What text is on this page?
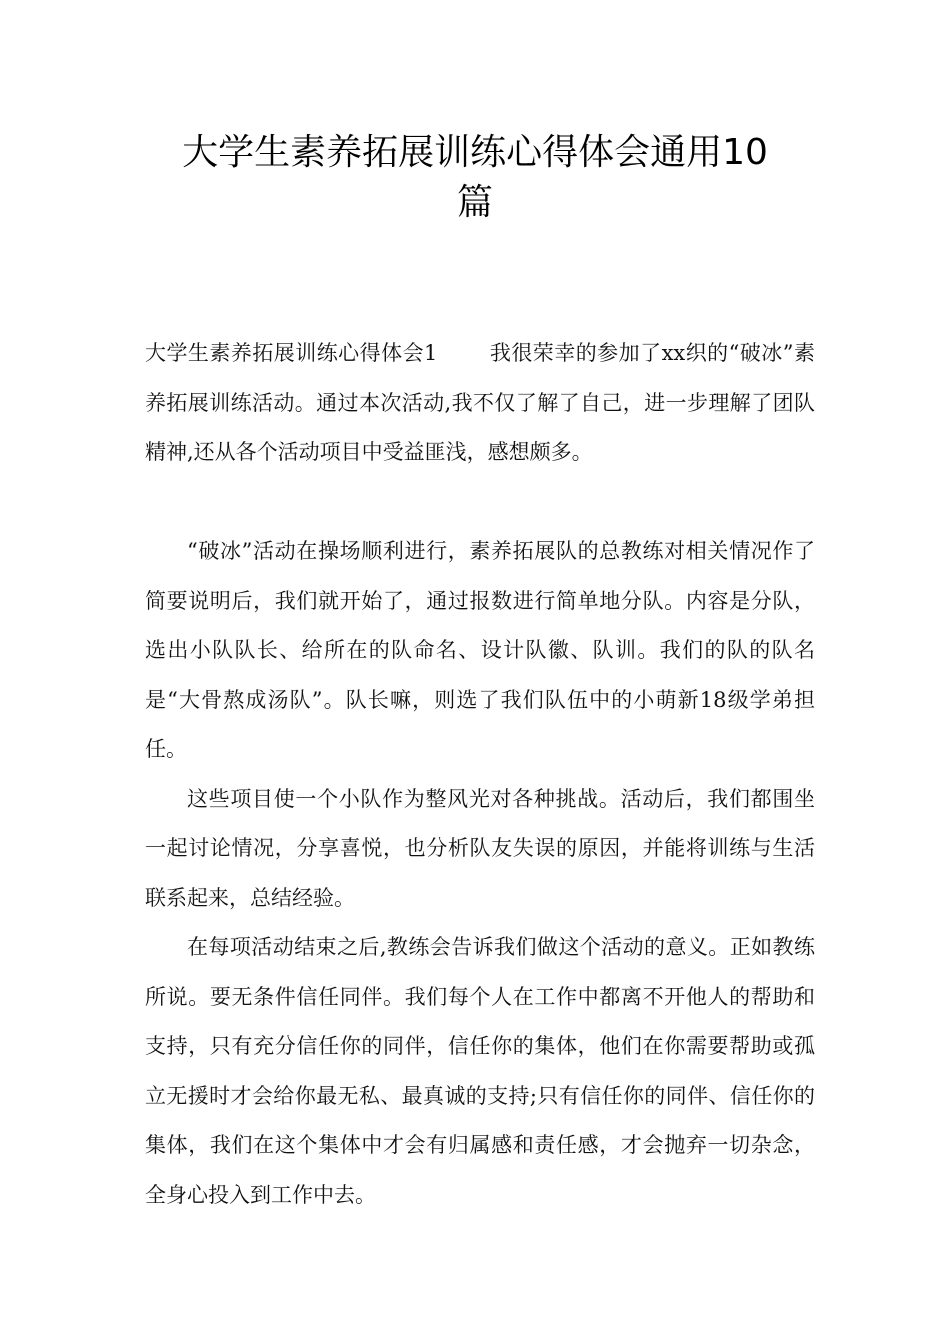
大学生素养拓展训练心得体会通用10
篇

大学生素养拓展训练心得体会1 我很荣幸的参加了xx织的“破冰”素养拓展训练活动。通过本次活动,我不仅了解了自己，进一步理解了团队精神,还从各个活动项目中受益匪浅，感想颇多。

“破冰”活动在操场顺利进行，素养拓展队的总教练对相关情况作了简要说明后，我们就开始了，通过报数进行简单地分队。内容是分队，选出小队队长、给所在的队命名、设计队徽、队训。我们的队的队名是“大骨熬成汤队”。队长嘛，则选了我们队伍中的小萌新18级学弟担任。

这些项目使一个小队作为整风光对各种挑战。活动后，我们都围坐一起讨论情况，分享喜悦，也分析队友失误的原因，并能将训练与生活联系起来，总结经验。

在每项活动结束之后,教练会告诉我们做这个活动的意义。正如教练所说。要无条件信任同伴。我们每个人在工作中都离不开他人的帮助和支持，只有充分信任你的同伴，信任你的集体，他们在你需要帮助或孤立无援时才会给你最无私、最真诚的支持;只有信任你的同伴、信任你的集体，我们在这个集体中才会有归属感和责任感，才会抛弃一切杂念，全身心投入到工作中去。
